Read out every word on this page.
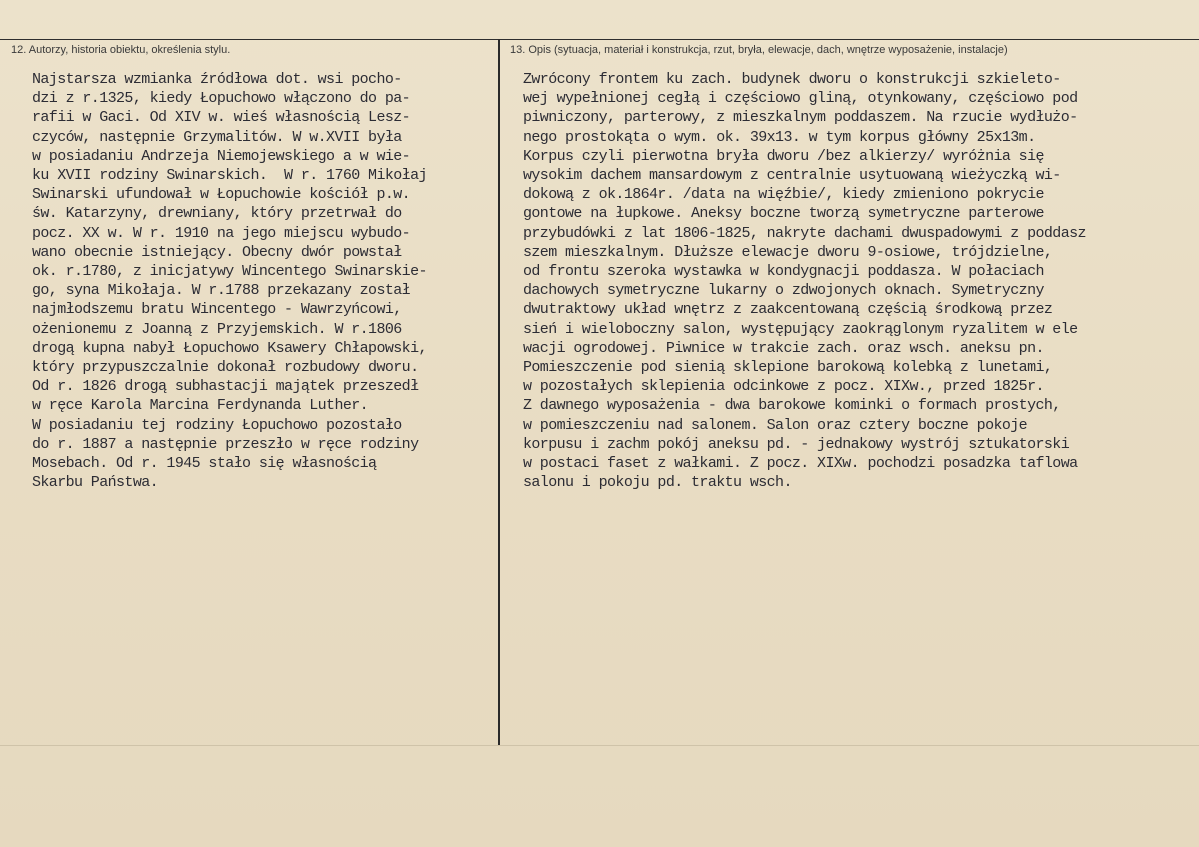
12. Autorzy, historia obiektu, określenia stylu.	13. Opis (sytuacja, materiał i konstrukcja, rzut, bryła, elewacje, dach, wnętrze wyposażenie, instalacje)
Najstarsza wzmianka źródłowa dot. wsi pocho-
dzi z r.1325, kiedy Łopuchowo włączono do pa-
rafii w Gaci. Od XIV w. wieś własnością Lesz-
czyców, następnie Grzymalitów. W w.XVII była
w posiadaniu Andrzeja Niemojewskiego a w wie-
ku XVII rodziny Swinarskich.  W r. 1760 Mikołaj
Swinarski ufundował w Łopuchowie kościół p.w.
św. Katarzyny, drewniany, który przetrwał do
pocz. XX w. W r. 1910 na jego miejscu wybudo-
wano obecnie istniejący. Obecny dwór powstał
ok. r.1780, z inicjatywy Wincentego Swinarskie-
go, syna Mikołaja. W r.1788 przekazany został
najmłodszemu bratu Wincentego - Wawrzyńcowi,
ożenionemu z Joanną z Przyjemskich. W r.1806
drogą kupna nabył Łopuchowo Ksawery Chłapowski,
który przypuszczalnie dokonał rozbudowy dworu.
Od r. 1826 drogą subhastacji majątek przeszedł
w ręce Karola Marcina Ferdynanda Luther.
W posiadaniu tej rodziny Łopuchowo pozostało
do r. 1887 a następnie przeszło w ręce rodziny
Mosebach. Od r. 1945 stało się własnością
Skarbu Państwa.
Zwrócony frontem ku zach. budynek dworu o konstrukcji szkieleto-
wej wypełnionej cegłą i częściowo gliną, otynkowany, częściowo pod
piwniczony, parterowy, z mieszkalnym poddaszem. Na rzucie wydłużo-
nego prostokąta o wym. ok. 39x13. w tym korpus główny 25x13m.
Korpus czyli pierwotna bryła dworu /bez alkierzy/ wyróżnia się
wysokim dachem mansardowym z centralnie usytuowaną wieżyczką wi-
dokową z ok.1864r. /data na więźbie/, kiedy zmieniono pokrycie
gontowe na łupkowe. Aneksy boczne tworzą symetryczne parterowe
przybudówki z lat 1806-1825, nakryte dachami dwuspadowymi z poddasz
szem mieszkalnym. Dłuższe elewacje dworu 9-osiowe, trójdzielne,
od frontu szeroka wystawka w kondygnacji poddasza. W połaciach
dachowych symetryczne lukarny o zdwojonych oknach. Symetryczny
dwutraktowy układ wnętrz z zaakcentowaną częścią środkową przez
sień i wieloboczny salon, występujący zaokrąglonym ryzalitem w ele
wacji ogrodowej. Piwnice w trakcie zach. oraz wsch. aneksu pn.
Pomieszczenie pod sienią sklepione barokową kolebką z lunetami,
w pozostałych sklepienia odcinkowe z pocz. XIXw., przed 1825r.
Z dawnego wyposażenia - dwa barokowe kominki o formach prostych,
w pomieszczeniu nad salonem. Salon oraz cztery boczne pokoje
korpusu i zachm pokój aneksu pd. - jednakowy wystrój sztukatorski
w postaci faset z wałkami. Z pocz. XIXw. pochodzi posadzka taflowa
salonu i pokoju pd. traktu wsch.
